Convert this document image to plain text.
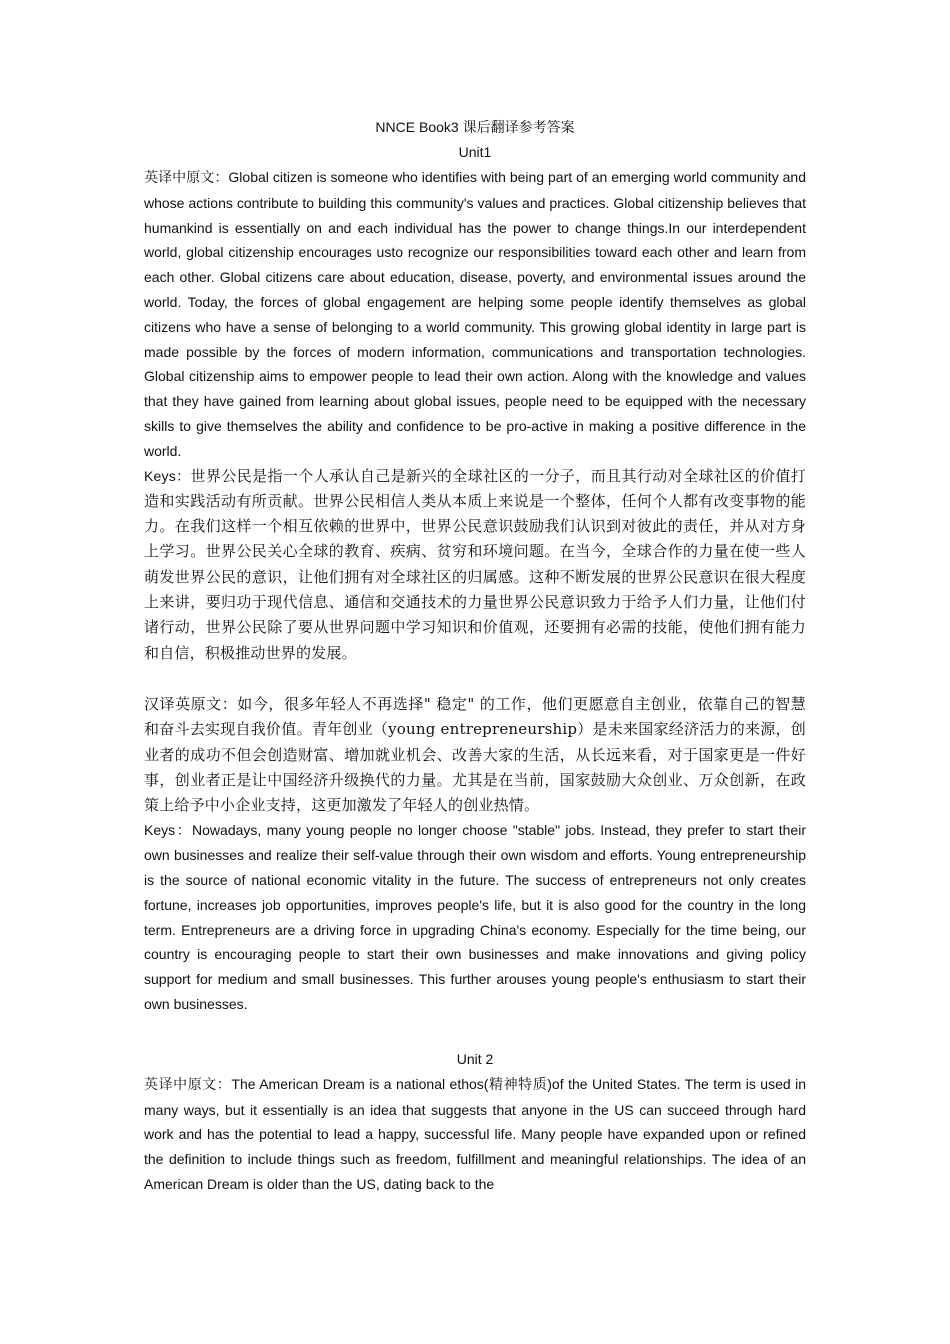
NNCE Book3 课后翻译参考答案
Unit1

英译中原文：Global citizen is someone who identifies with being part of an emerging world community and whose actions contribute to building this community's values and practices. Global citizenship believes that humankind is essentially on and each individual has the power to change things.In our interdependent world, global citizenship encourages usto recognize our responsibilities toward each other and learn from each other. Global citizens care about education, disease, poverty, and environmental issues around the world. Today, the forces of global engagement are helping some people identify themselves as global citizens who have a sense of belonging to a world community. This growing global identity in large part is made possible by the forces of modern information, communications and transportation technologies. Global citizenship aims to empower people to lead their own action. Along with the knowledge and values that they have gained from learning about global issues, people need to be equipped with the necessary skills to give themselves the ability and confidence to be pro-active in making a positive difference in the world.

Keys：世界公民是指一个人承认自己是新兴的全球社区的一分子，而且其行动对全球社区的价值打造和实践活动有所贡献。世界公民相信人类从本质上来说是一个整体，任何个人都有改变事物的能力。在我们这样一个相互依赖的世界中，世界公民意识鼓励我们认识到对彼此的责任，并从对方身上学习。世界公民关心全球的教育、疾病、贫穷和环境问题。在当今，全球合作的力量在使一些人萌发世界公民的意识，让他们拥有对全球社区的归属感。这种不断发展的世界公民意识在很大程度上来讲，要归功于现代信息、通信和交通技术的力量世界公民意识致力于给予人们力量，让他们付诸行动，世界公民除了要从世界问题中学习知识和价值观，还要拥有必需的技能，使他们拥有能力和自信，积极推动世界的发展。

汉译英原文：如今，很多年轻人不再选择" 稳定" 的工作，他们更愿意自主创业，依靠自己的智慧和奋斗去实现自我价值。青年创业（young entrepreneurship）是未来国家经济活力的来源，创业者的成功不但会创造财富、增加就业机会、改善大家的生活，从长远来看，对于国家更是一件好事，创业者正是让中国经济升级换代的力量。尤其是在当前，国家鼓励大众创业、万众创新，在政策上给予中小企业支持，这更加激发了年轻人的创业热情。

Keys：Nowadays, many young people no longer choose "stable" jobs. Instead, they prefer to start their own businesses and realize their self-value through their own wisdom and efforts. Young entrepreneurship is the source of national economic vitality in the future. The success of entrepreneurs not only creates fortune, increases job opportunities, improves people's life, but it is also good for the country in the long term. Entrepreneurs are a driving force in upgrading China's economy. Especially for the time being, our country is encouraging people to start their own businesses and make innovations and giving policy support for medium and small businesses. This further arouses young people's enthusiasm to start their own businesses.

Unit 2

英译中原文：The American Dream is a national ethos(精神特质)of the United States. The term is used in many ways, but it essentially is an idea that suggests that anyone in the US can succeed through hard work and has the potential to lead a happy, successful life. Many people have expanded upon or refined the definition to include things such as freedom, fulfillment and meaningful relationships. The idea of an American Dream is older than the US, dating back to the
